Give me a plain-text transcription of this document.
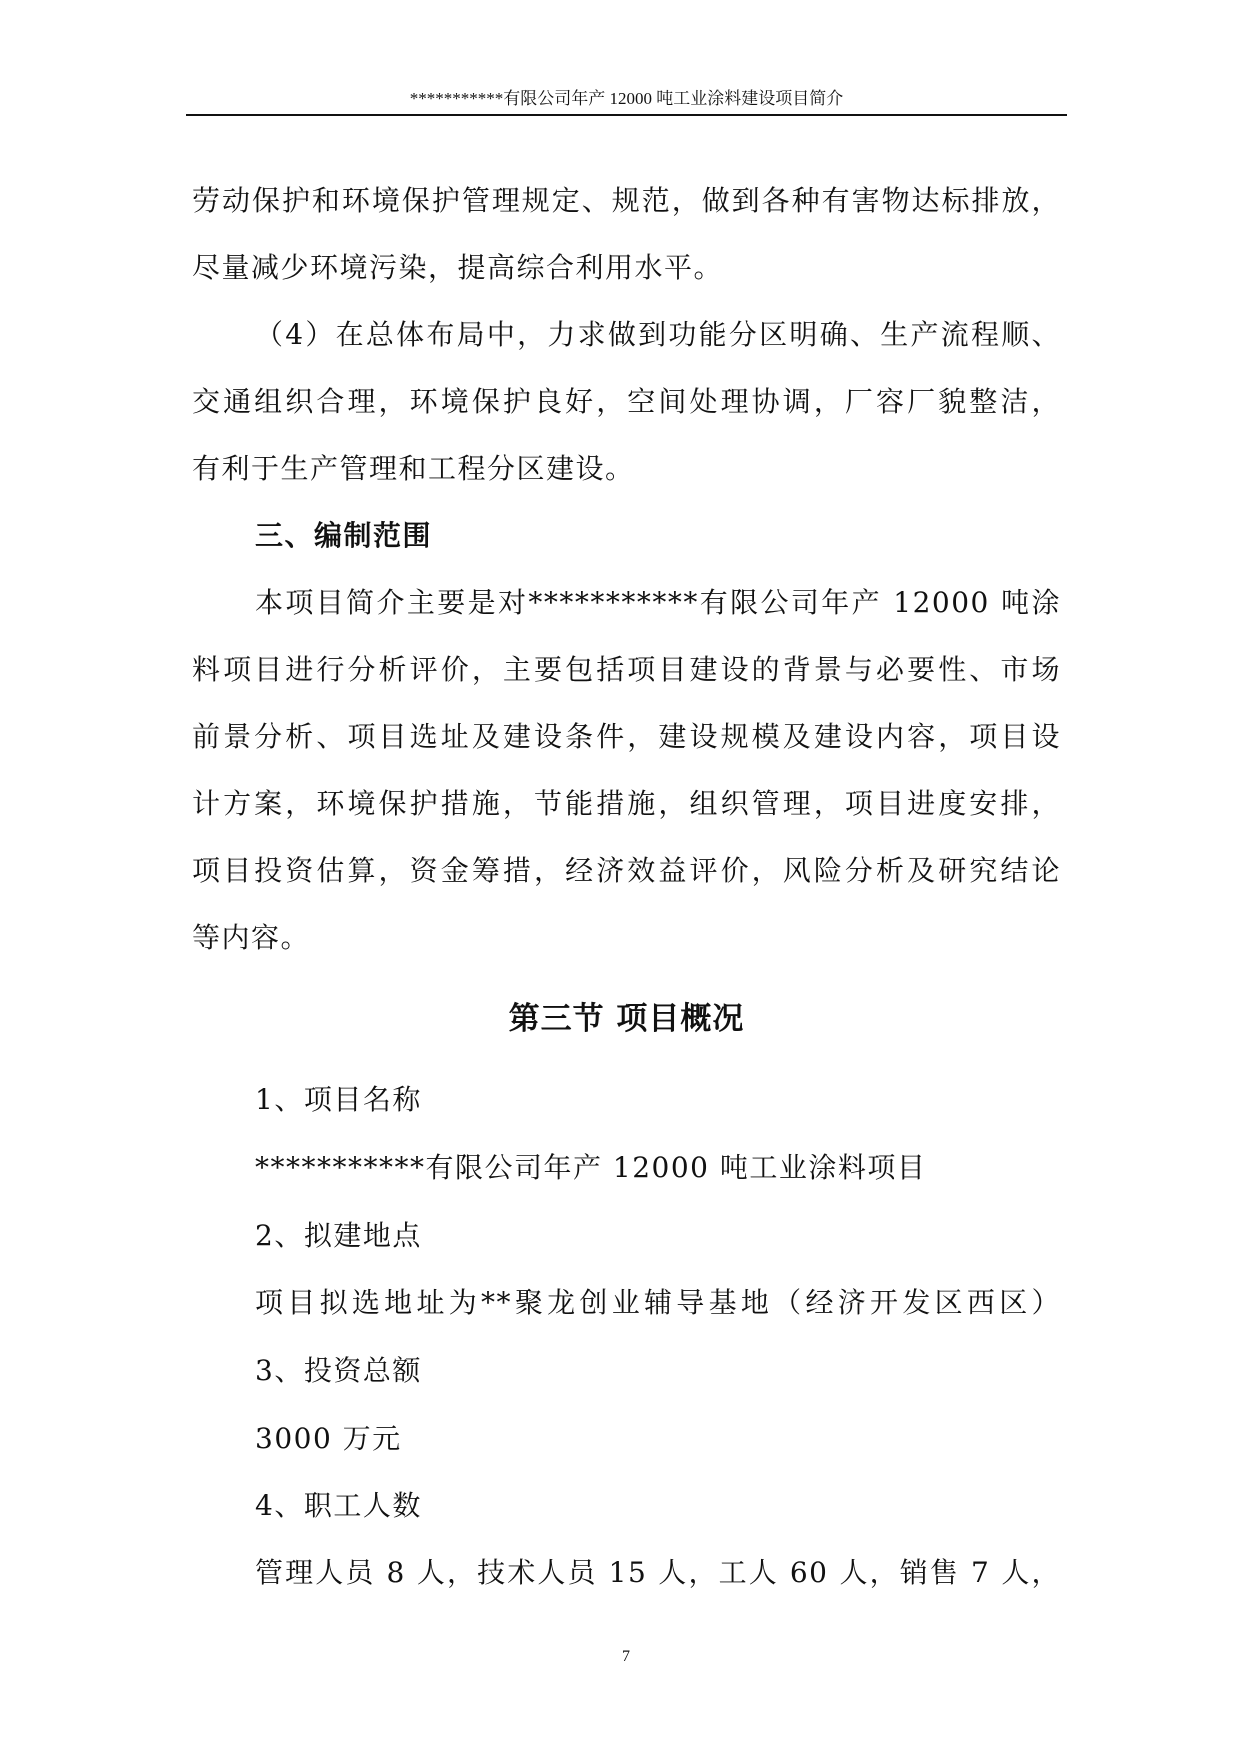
***********有限公司年产 12000 吨工业涂料建设项目简介
劳动保护和环境保护管理规定、规范，做到各种有害物达标排放，
尽量减少环境污染，提高综合利用水平。
（4）在总体布局中，力求做到功能分区明确、生产流程顺、
交通组织合理，环境保护良好，空间处理协调，厂容厂貌整洁，
有利于生产管理和工程分区建设。
三、编制范围
本项目简介主要是对***********有限公司年产 12000 吨涂
料项目进行分析评价，主要包括项目建设的背景与必要性、市场
前景分析、项目选址及建设条件，建设规模及建设内容，项目设
计方案，环境保护措施，节能措施，组织管理，项目进度安排，
项目投资估算，资金筹措，经济效益评价，风险分析及研究结论
等内容。
第三节 项目概况
1、项目名称
***********有限公司年产 12000 吨工业涂料项目
2、拟建地点
项目拟选地址为**聚龙创业辅导基地（经济开发区西区）
3、投资总额
3000 万元
4、职工人数
管理人员 8 人，技术人员 15 人，工人 60 人，销售 7 人，
7
